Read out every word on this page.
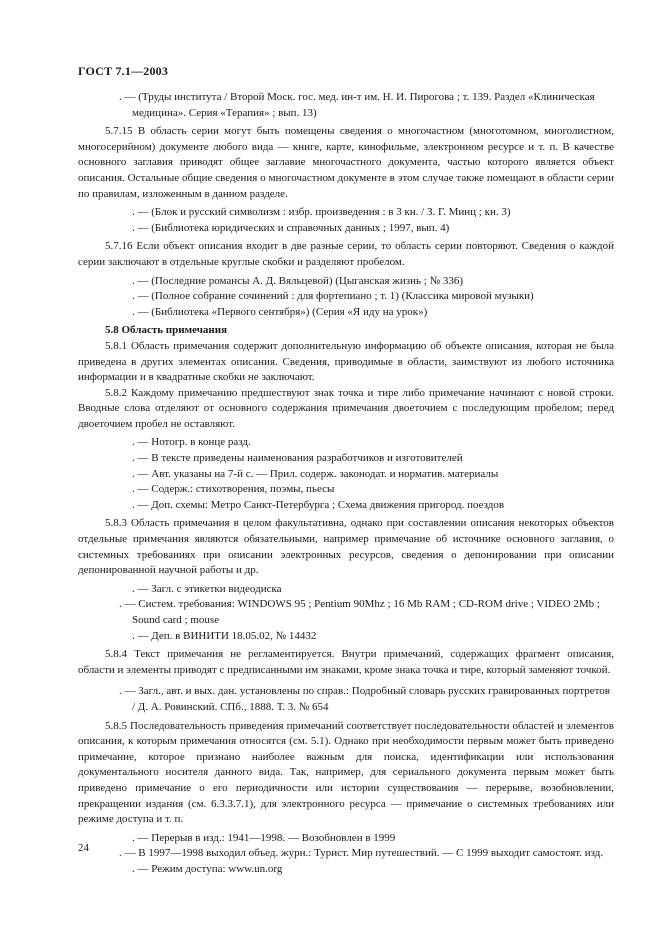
ГОСТ 7.1—2003

. — (Труды института / Второй Моск. гос. мед. ин-т им. Н. И. Пирогова ; т. 139. Раздел «Клиническая медицина». Серия «Терапия» ; вып. 13)

5.7.15 В область серии могут быть помещены сведения о многочастном (многотомном, многолистном, многосерийном) документе любого вида — книге, карте, кинофильме, электронном ресурсе и т. п. В качестве основного заглавия приводят общее заглавие многочастного документа, частью которого является объект описания. Остальные общие сведения о многочастном документе в этом случае также помещают в области серии по правилам, изложенным в данном разделе.

. — (Блок и русский символизм : избр. произведения : в 3 кн. / З. Г. Минц ; кн. 3)

. — (Библиотека юридических и справочных данных ; 1997, вып. 4)

5.7.16 Если объект описания входит в две разные серии, то область серии повторяют. Сведения о каждой серии заключают в отдельные круглые скобки и разделяют пробелом.

. — (Последние романсы А. Д. Вяльцевой) (Цыганская жизнь ; № 336)

. — (Полное собрание сочинений : для фортепиано ; т. 1) (Классика мировой музыки)

. — (Библиотека «Первого сентября») (Серия «Я иду на урок»)

5.8 Область примечания

5.8.1 Область примечания содержит дополнительную информацию об объекте описания, которая не была приведена в других элементах описания. Сведения, приводимые в области, заимствуют из любого источника информации и в квадратные скобки не заключают.

5.8.2 Каждому примечанию предшествуют знак точка и тире либо примечание начинают с новой строки. Вводные слова отделяют от основного содержания примечания двоеточием с последующим пробелом; перед двоеточием пробел не оставляют.

. — Нотогр. в конце разд.

. — В тексте приведены наименования разработчиков и изготовителей

. — Авт. указаны на 7-й с. — Прил. содерж. законодат. и норматив. материалы

. — Содерж.: стихотворения, поэмы, пьесы

. — Доп. схемы: Метро Санкт-Петербурга ; Схема движения пригород. поездов

5.8.3 Область примечания в целом факультативна, однако при составлении описания некоторых объектов отдельные примечания являются обязательными, например примечание об источнике основного заглавия, о системных требованиях при описании электронных ресурсов, сведения о депонировании при описании депонированной научной работы и др.

. — Загл. с этикетки видеодиска

. — Систем. требования: WINDOWS 95 ; Pentium 90Mhz ; 16 Mb RAM ; CD-ROM drive ; VIDEO 2Mb ; Sound card ; mouse

. — Деп. в ВИНИТИ 18.05.02, № 14432

5.8.4 Текст примечания не регламентируется. Внутри примечаний, содержащих фрагмент описания, области и элементы приводят с предписанными им знаками, кроме знака точка и тире, который заменяют точкой.

. — Загл., авт. и вых. дан. установлены по справ.: Подробный словарь русских гравированных портретов / Д. А. Ровинский. СПб., 1888. Т. 3. № 654

5.8.5 Последовательность приведения примечаний соответствует последовательности областей и элементов описания, к которым примечания относятся (см. 5.1). Однако при необходимости первым может быть приведено примечание, которое признано наиболее важным для поиска, идентификации или использования документального носителя данного вида. Так, например, для сериального документа первым может быть приведено примечание о его периодичности или истории существования — перерыве, возобновлении, прекращении издания (см. 6.3.3.7.1), для электронного ресурса — примечание о системных требованиях или режиме доступа и т. п.

. — Перерыв в изд.: 1941—1998. — Возобновлен в 1999

. — В 1997—1998 выходил объед. журн.: Турист. Мир путешествий. — С 1999 выходит самостоят. изд.

. — Режим доступа: www.un.org

24
